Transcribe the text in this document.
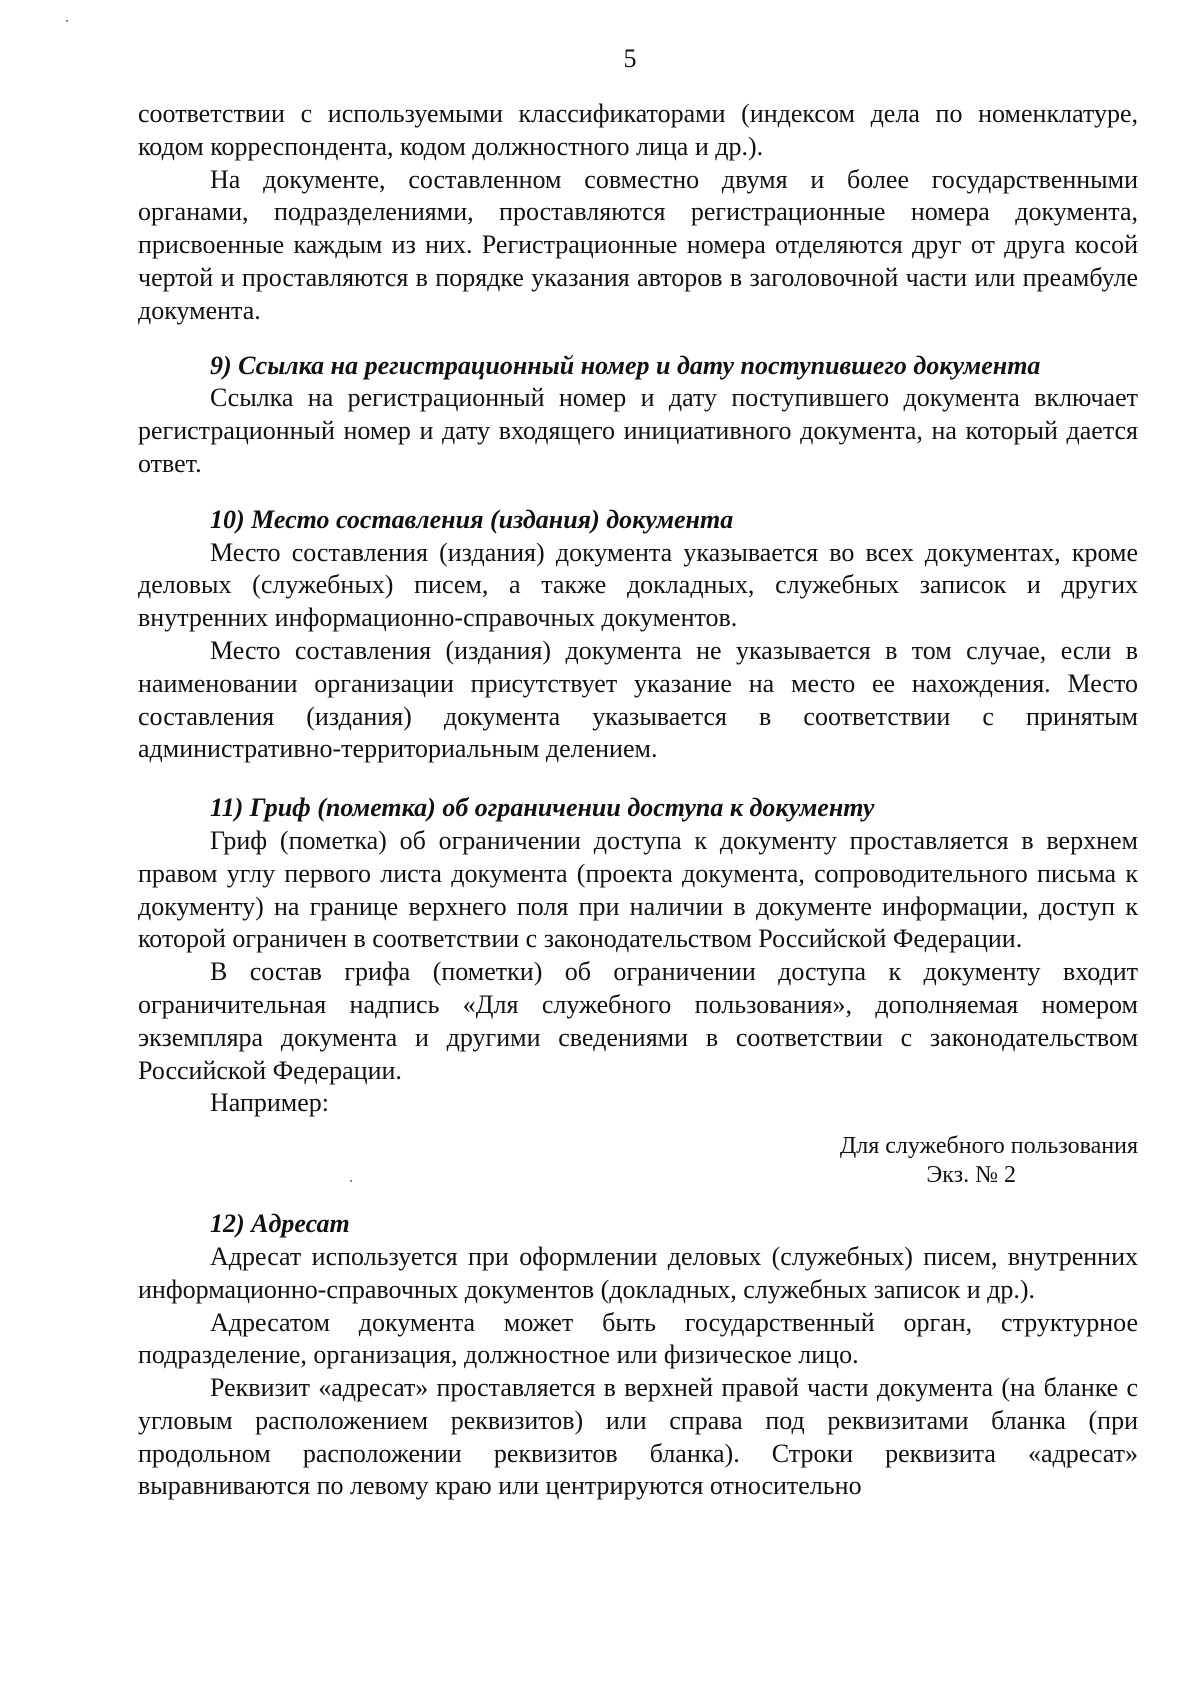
5

соответствии с используемыми классификаторами (индексом дела по номенклатуре, кодом корреспондента, кодом должностного лица и др.).

На документе, составленном совместно двумя и более государственными органами, подразделениями, проставляются регистрационные номера документа, присвоенные каждым из них. Регистрационные номера отделяются друг от друга косой чертой и проставляются в порядке указания авторов в заголовочной части или преамбуле документа.

9) Ссылка на регистрационный номер и дату поступившего документа

Ссылка на регистрационный номер и дату поступившего документа включает регистрационный номер и дату входящего инициативного документа, на который дается ответ.

10) Место составления (издания) документа

Место составления (издания) документа указывается во всех документах, кроме деловых (служебных) писем, а также докладных, служебных записок и других внутренних информационно-справочных документов.

Место составления (издания) документа не указывается в том случае, если в наименовании организации присутствует указание на место ее нахождения. Место составления (издания) документа указывается в соответствии с принятым административно-территориальным делением.

11) Гриф (пометка) об ограничении доступа к документу

Гриф (пометка) об ограничении доступа к документу проставляется в верхнем правом углу первого листа документа (проекта документа, сопроводительного письма к документу) на границе верхнего поля при наличии в документе информации, доступ к которой ограничен в соответствии с законодательством Российской Федерации.

В состав грифа (пометки) об ограничении доступа к документу входит ограничительная надпись «Для служебного пользования», дополняемая номером экземпляра документа и другими сведениями в соответствии с законодательством Российской Федерации.

Например:

Для служебного пользования
Экз. № 2

12) Адресат

Адресат используется при оформлении деловых (служебных) писем, внутренних информационно-справочных документов (докладных, служебных записок и др.).

Адресатом документа может быть государственный орган, структурное подразделение, организация, должностное или физическое лицо.

Реквизит «адресат» проставляется в верхней правой части документа (на бланке с угловым расположением реквизитов) или справа под реквизитами бланка (при продольном расположении реквизитов бланка). Строки реквизита «адресат» выравниваются по левому краю или центрируются относительно
